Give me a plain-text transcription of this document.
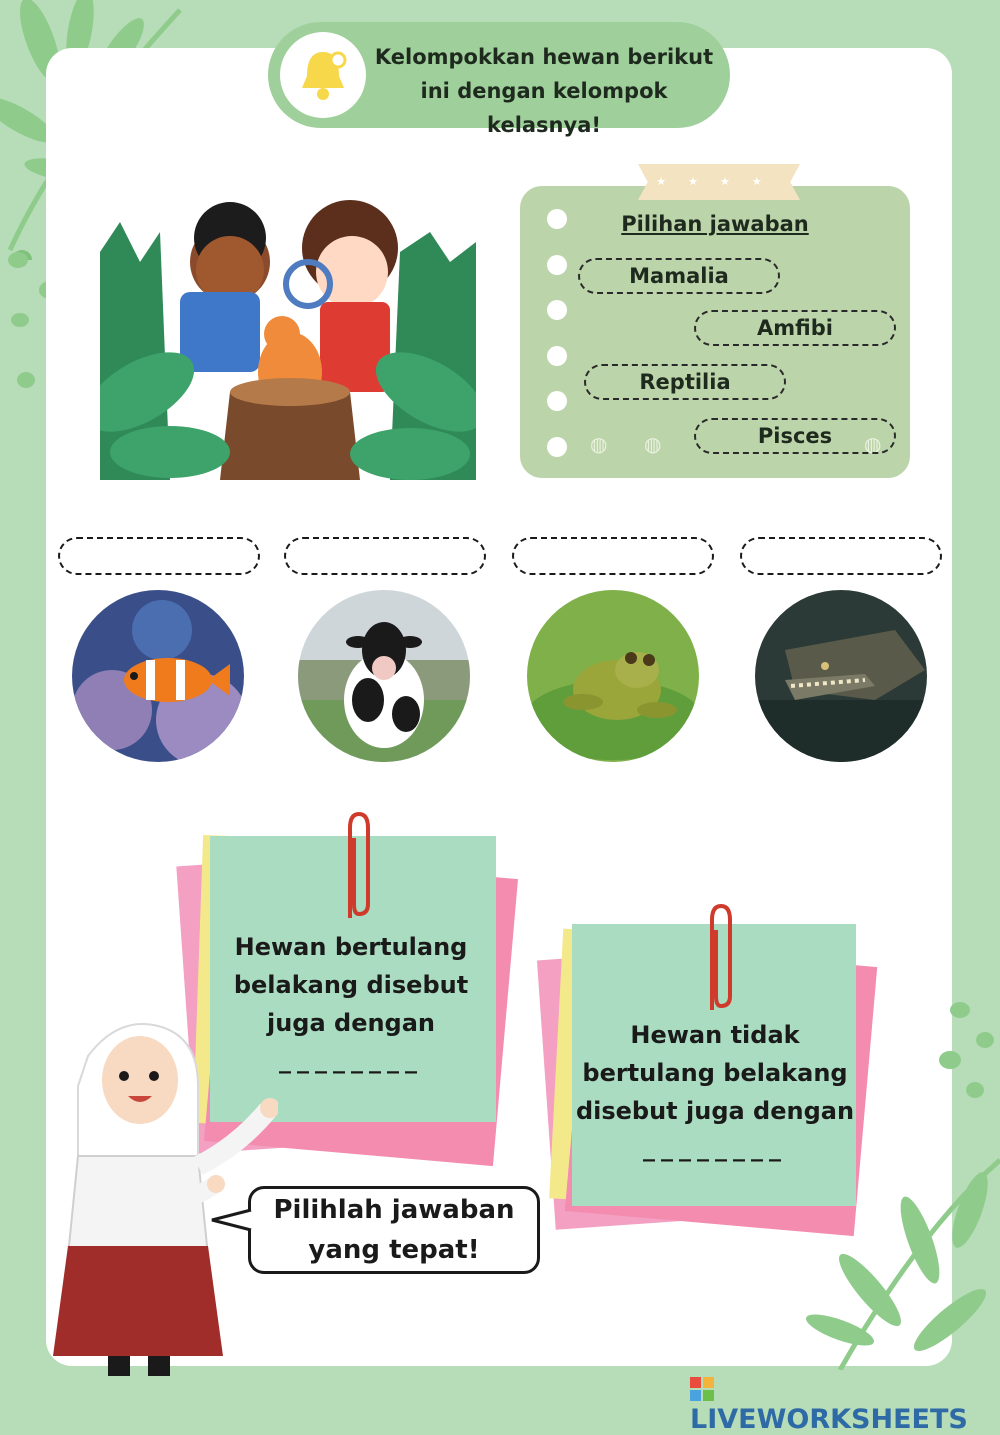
Kelompokkan hewan berikut
ini dengan kelompok kelasnya!
★★★★
◍ ◍	◍
Pilihan jawaban
Mamalia
Amfibi
Reptilia
Pisces
Hewan bertulang
belakang disebut
juga dengan
________
Hewan tidak
bertulang belakang
disebut juga dengan
________
Pilihlah jawaban
yang tepat!
LIVEWORKSHEETS
